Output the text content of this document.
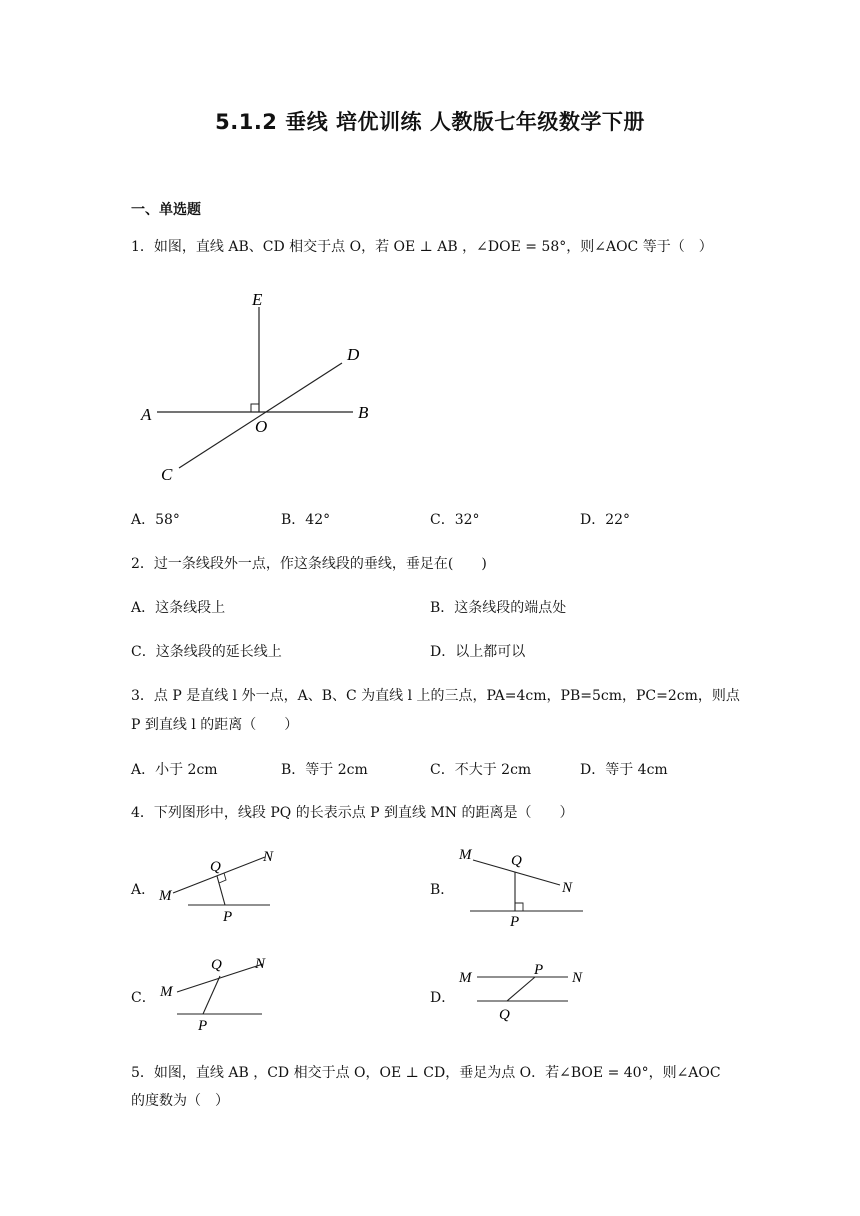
5.1.2 垂线 培优训练 人教版七年级数学下册
一、单选题
1．如图，直线 AB、CD 相交于点 O，若 OE ⊥ AB ，∠DOE = 58°，则∠AOC 等于（　）
E
D
A
O
B
C
A．58°	B．42°	C．32°	D．22°
2．过一条线段外一点，作这条线段的垂线，垂足在(　　)
A．这条线段上	B．这条线段的端点处
C．这条线段的延长线上	D．以上都可以
3．点 P 是直线 l 外一点，A、B、C 为直线 l 上的三点，PA=4cm，PB=5cm，PC=2cm，则点
P 到直线 l 的距离（　　）
A．小于 2cm	B．等于 2cm	C．不大于 2cm	D．等于 4cm
4．下列图形中，线段 PQ 的长表示点 P 到直线 MN 的距离是（　　）
A． M
Q
N
P
B．
M	Q
N
P
C． M
Q N
P
D．
M	P N
Q
5．如图，直线 AB ，CD 相交于点 O，OE ⊥ CD，垂足为点 O．若∠BOE = 40°，则∠AOC
的度数为（　）
